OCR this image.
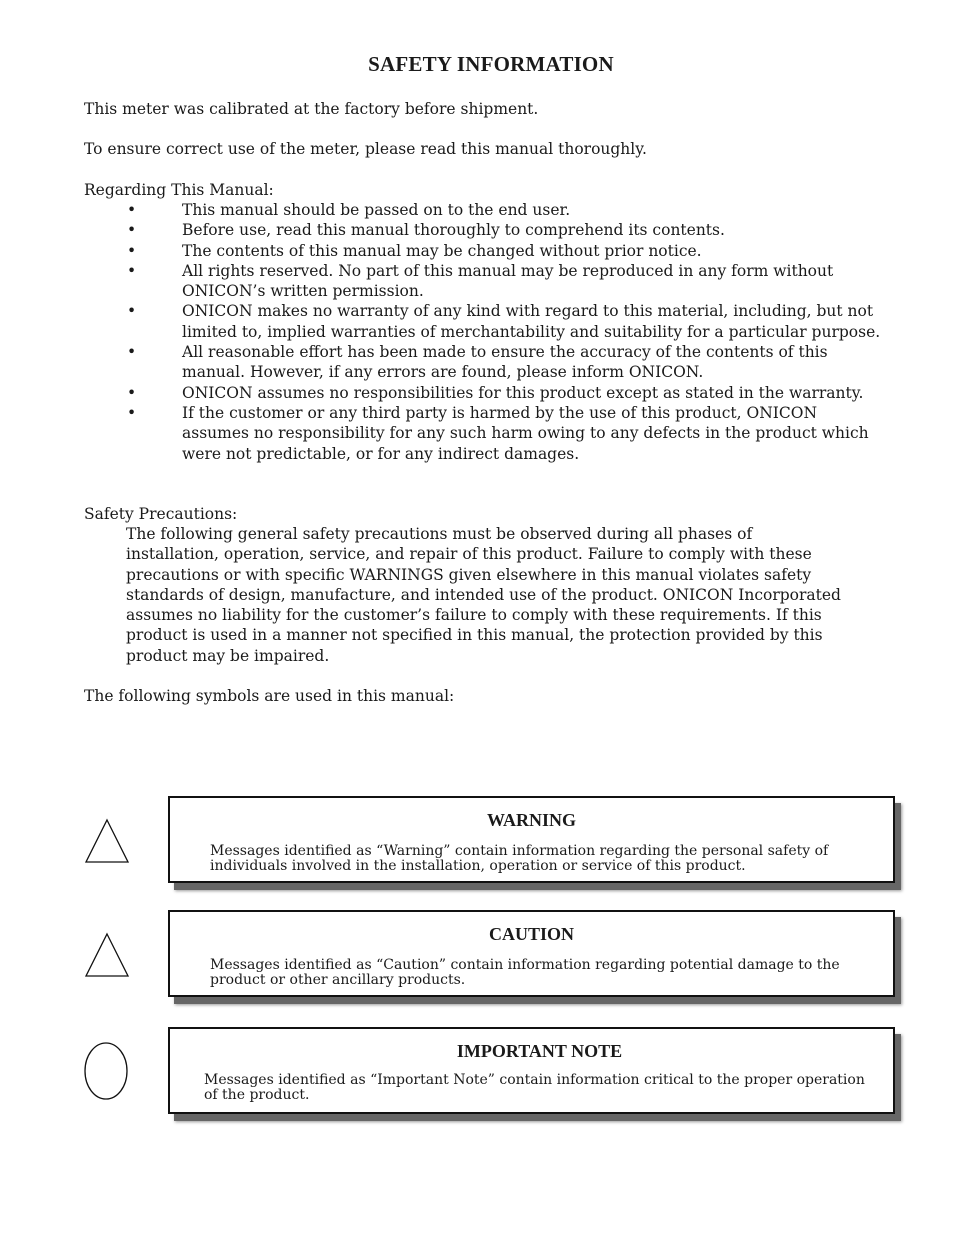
SAFETY INFORMATION

This meter was calibrated at the factory before shipment.

To ensure correct use of the meter, please read this manual thoroughly.

Regarding This Manual:

•	This manual should be passed on to the end user.
•	Before use, read this manual thoroughly to comprehend its contents.
•	The contents of this manual may be changed without prior notice.
•	All rights reserved. No part of this manual may be reproduced in any form without ONICON’s written permission.
•	ONICON makes no warranty of any kind with regard to this material, including, but not limited to, implied warranties of merchantability and suitability for a particular purpose.
•	All reasonable effort has been made to ensure the accuracy of the contents of this manual. However, if any errors are found, please inform ONICON.
•	ONICON assumes no responsibilities for this product except as stated in the warranty.
•	If the customer or any third party is harmed by the use of this product, ONICON assumes no responsibility for any such harm owing to any defects in the product which were not predictable, or for any indirect damages.

Safety Precautions:

The following general safety precautions must be observed during all phases of installation, operation, service, and repair of this product. Failure to comply with these precautions or with specific WARNINGS given elsewhere in this manual violates safety standards of design, manufacture, and intended use of the product. ONICON Incorporated assumes no liability for the customer’s failure to comply with these requirements. If this product is used in a manner not specified in this manual, the protection provided by this product may be impaired.

The following symbols are used in this manual:

WARNING

Messages identified as “Warning” contain information regarding the personal safety of individuals involved in the installation, operation or service of this product.

CAUTION

Messages identified as “Caution” contain information regarding potential damage to the product or other ancillary products.

IMPORTANT NOTE

Messages identified as “Important Note” contain information critical to the proper operation of the product.
